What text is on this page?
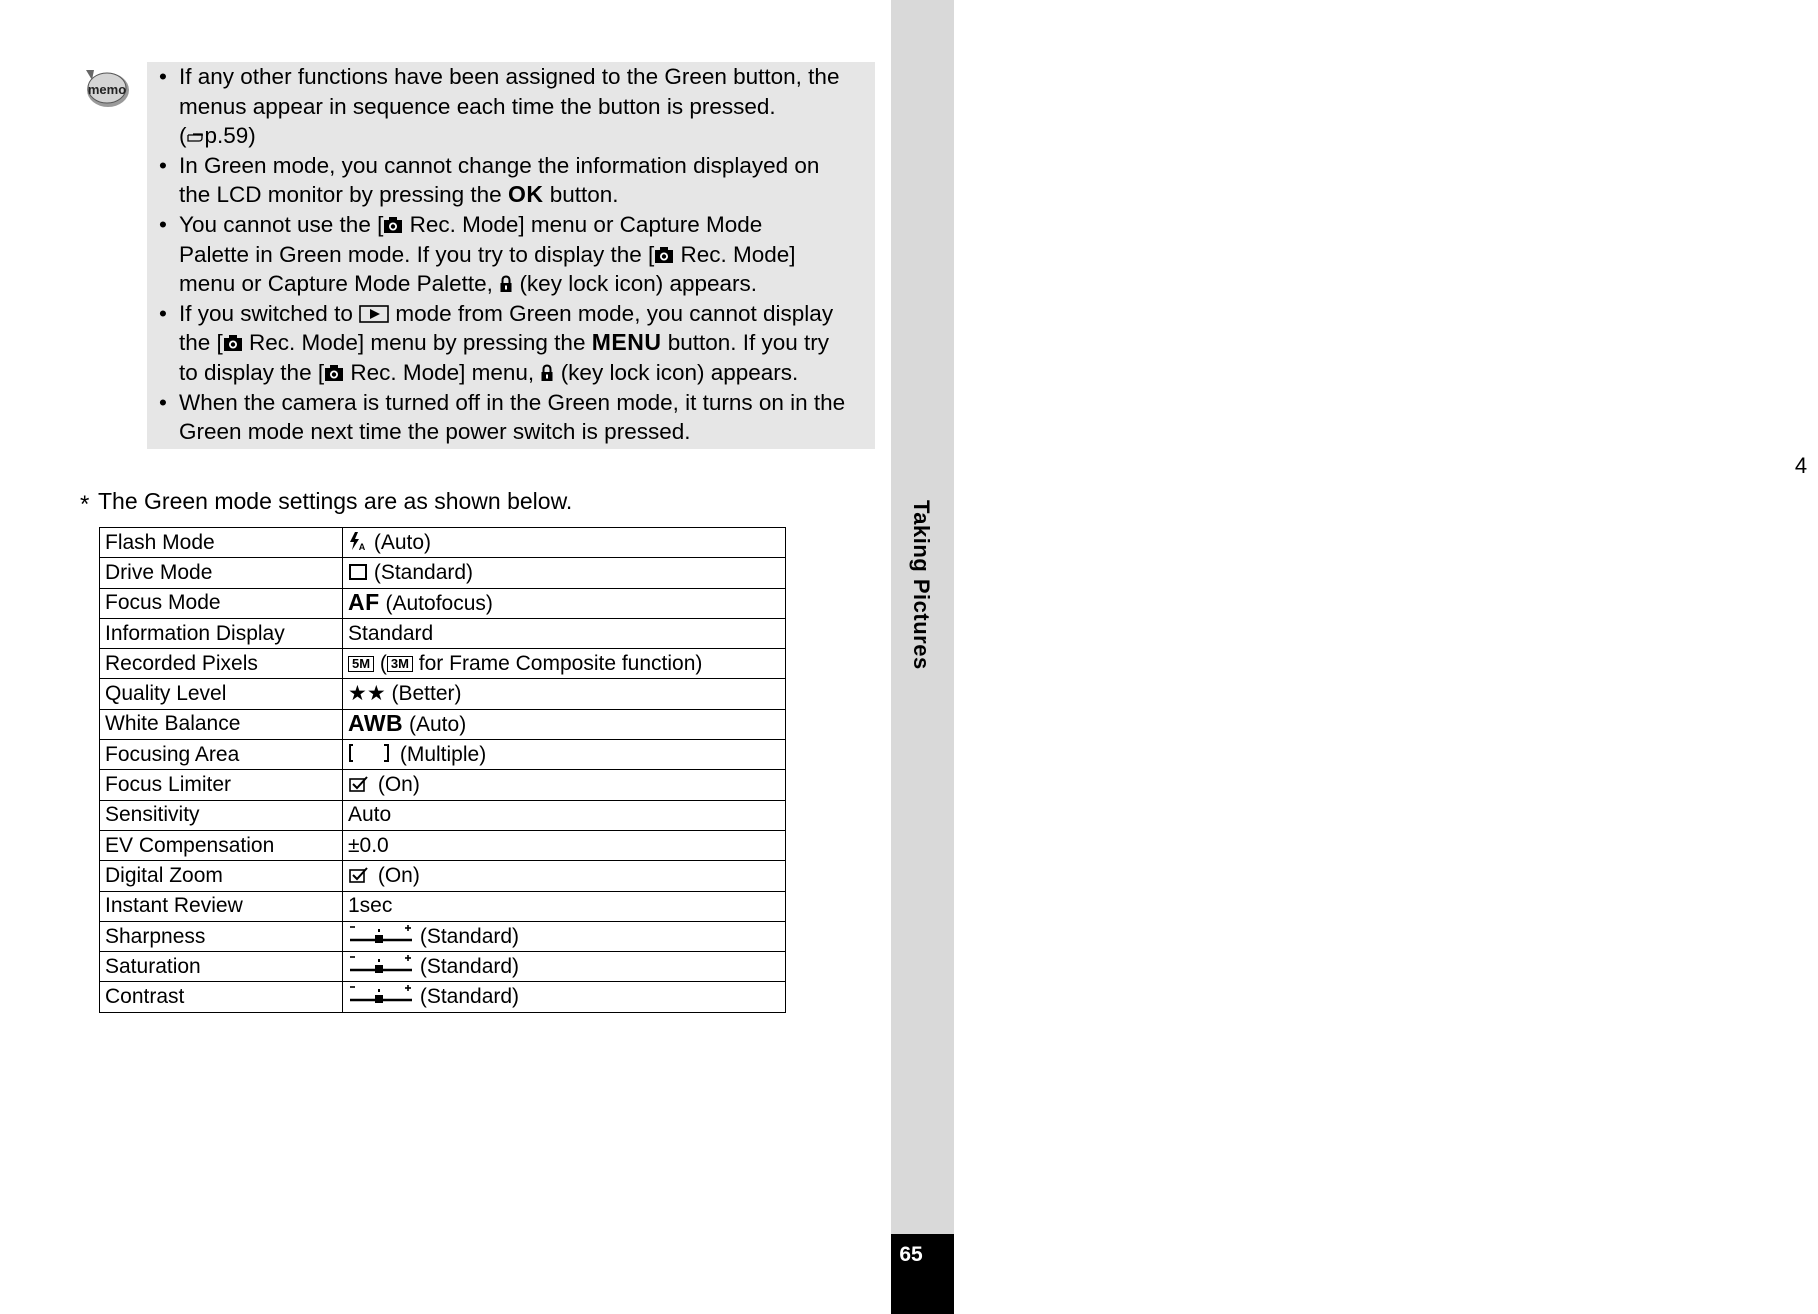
memo
• If any other functions have been assigned to the Green button, the
menus appear in sequence each time the button is pressed.
( p.59)
• In Green mode, you cannot change the information displayed on
the LCD monitor by pressing the OK button.
• You cannot use the [ Rec. Mode] menu or Capture Mode
Palette in Green mode. If you try to display the [ Rec. Mode]
menu or Capture Mode Palette,  (key lock icon) appears.
• If you switched to  mode from Green mode, you cannot display
the [ Rec. Mode] menu by pressing the MENU button. If you try
to display the [ Rec. Mode] menu,  (key lock icon) appears.
• When the camera is turned off in the Green mode, it turns on in the
Green mode next time the power switch is pressed.
* The Green mode settings are as shown below.
Flash Mode	A (Auto)
Drive Mode	(Standard)
Focus Mode	AF (Autofocus)
Information Display	Standard
Recorded Pixels	5M ( 3M for Frame Composite function)
Quality Level	★★ (Better)
White Balance	AWB (Auto)
Focusing Area	(Multiple)
Focus Limiter	(On)
Sensitivity	Auto
EV Compensation	±0.0
Digital Zoom	(On)
Instant Review	1sec
Sharpness	(Standard)
Saturation	(Standard)
Contrast	(Standard)
4
Taking Pictures
65
